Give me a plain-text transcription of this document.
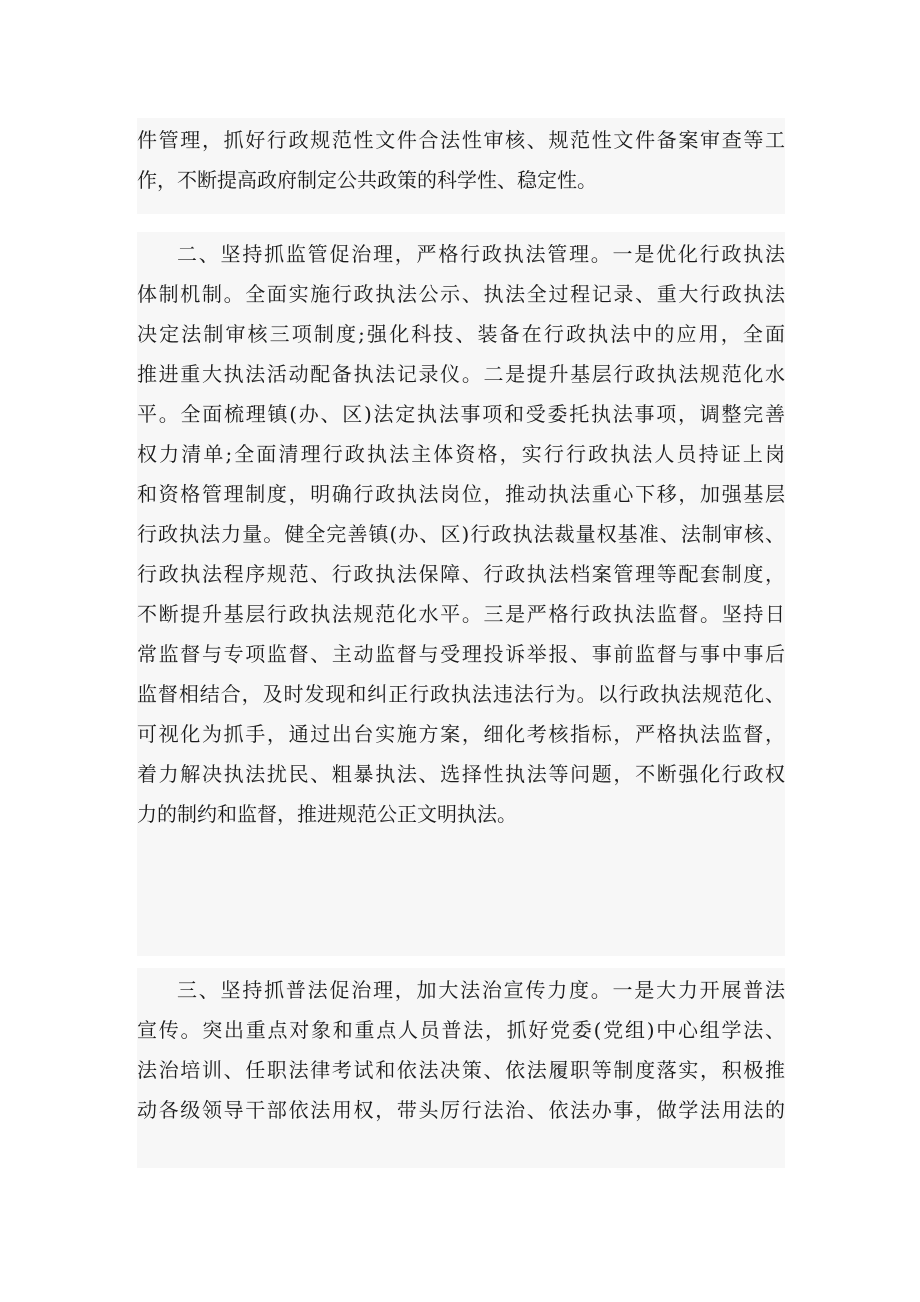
件管理，抓好行政规范性文件合法性审核、规范性文件备案审查等工
作，不断提高政府制定公共政策的科学性、稳定性。
二、坚持抓监管促治理，严格行政执法管理。一是优化行政执法
体制机制。全面实施行政执法公示、执法全过程记录、重大行政执法
决定法制审核三项制度;强化科技、装备在行政执法中的应用，全面
推进重大执法活动配备执法记录仪。二是提升基层行政执法规范化水
平。全面梳理镇(办、区)法定执法事项和受委托执法事项，调整完善
权力清单;全面清理行政执法主体资格，实行行政执法人员持证上岗
和资格管理制度，明确行政执法岗位，推动执法重心下移，加强基层
行政执法力量。健全完善镇(办、区)行政执法裁量权基准、法制审核、
行政执法程序规范、行政执法保障、行政执法档案管理等配套制度，
不断提升基层行政执法规范化水平。三是严格行政执法监督。坚持日
常监督与专项监督、主动监督与受理投诉举报、事前监督与事中事后
监督相结合，及时发现和纠正行政执法违法行为。以行政执法规范化、
可视化为抓手，通过出台实施方案，细化考核指标，严格执法监督，
着力解决执法扰民、粗暴执法、选择性执法等问题，不断强化行政权
力的制约和监督，推进规范公正文明执法。
三、坚持抓普法促治理，加大法治宣传力度。一是大力开展普法
宣传。突出重点对象和重点人员普法，抓好党委(党组)中心组学法、
法治培训、任职法律考试和依法决策、依法履职等制度落实，积极推
动各级领导干部依法用权，带头厉行法治、依法办事，做学法用法的
